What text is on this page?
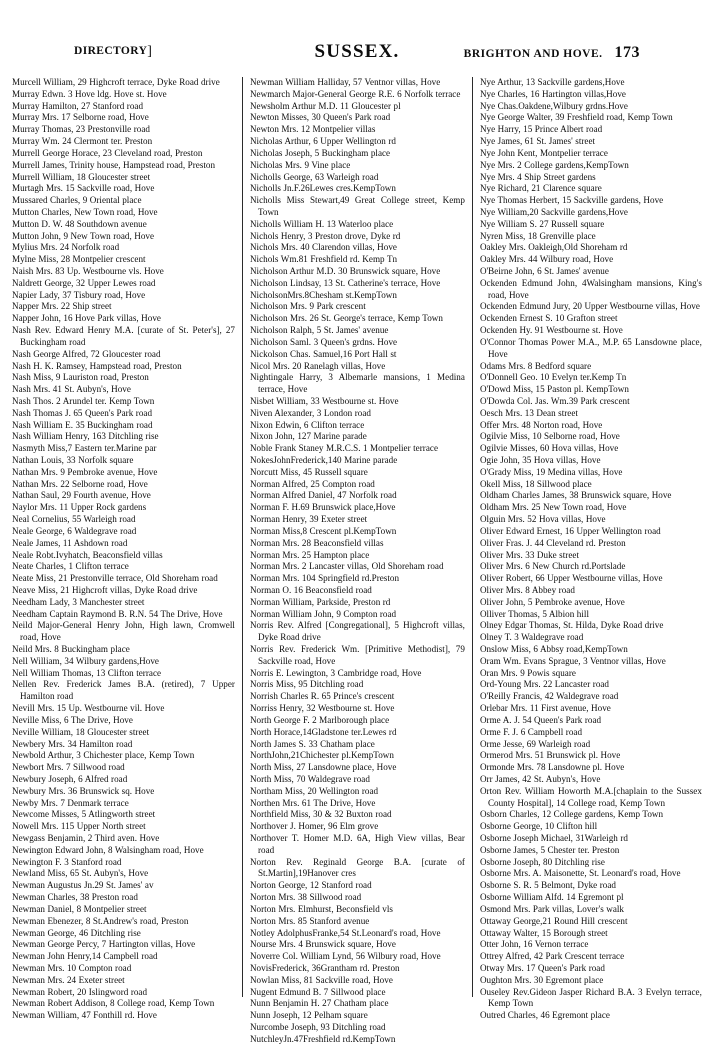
DIRECTORY]	SUSSEX.	BRIGHTON AND HOVE. 173

Murcell William, 29 Highcroft terrace, Dyke Road drive

Murray Edwn. 3 Hove ldg. Hove st. Hove

Murray Hamilton, 27 Stanford road

Murray Mrs. 17 Selborne road, Hove

Murray Thomas, 23 Prestonville road

Murray Wm. 24 Clermont ter. Preston

Murrell George Horace, 23 Cleveland road, Preston

Murrell James, Trinity house, Hampstead road, Preston

Murrell William, 18 Gloucester street

Murtagh Mrs. 15 Sackville road, Hove

Mussared Charles, 9 Oriental place

Mutton Charles, New Town road, Hove

Mutton D. W. 48 Southdown avenue

Mutton John, 9 New Town road, Hove

Mylius Mrs. 24 Norfolk road

Mylne Miss, 28 Montpelier crescent

Naish Mrs. 83 Up. Westbourne vls. Hove

Naldrett George, 32 Upper Lewes road

Napier Lady, 37 Tisbury road, Hove

Napper Mrs. 22 Ship street

Napper John, 16 Hove Park villas, Hove

Nash Rev. Edward Henry M.A. [curate of St. Peter's], 27 Buckingham road

Nash George Alfred, 72 Gloucester road

Nash H. K. Ramsey, Hampstead road, Preston

Nash Miss, 9 Lauriston road, Preston

Nash Mrs. 41 St. Aubyn's, Hove

Nash Thos. 2 Arundel ter. Kemp Town

Nash Thomas J. 65 Queen's Park road

Nash William E. 35 Buckingham road

Nash William Henry, 163 Ditchling rise

Nasmyth Miss,7 Eastern ter.Marine par

Nathan Louis, 33 Norfolk square

Nathan Mrs. 9 Pembroke avenue, Hove

Nathan Mrs. 22 Selborne road, Hove

Nathan Saul, 29 Fourth avenue, Hove

Naylor Mrs. 11 Upper Rock gardens

Neal Cornelius, 55 Warleigh road

Neale George, 6 Waldegrave road

Neale James, 11 Ashdown road

Neale Robt.Ivyhatch, Beaconsfield villas

Neate Charles, 1 Clifton terrace

Neate Miss, 21 Prestonville terrace, Old Shoreham road

Neave Miss, 21 Highcroft villas, Dyke Road drive

Needham Lady, 3 Manchester street

Needham Captain Raymond B. R.N. 54 The Drive, Hove

Neild Major-General Henry John, High lawn, Cromwell road, Hove

Neild Mrs. 8 Buckingham place

Nell William, 34 Wilbury gardens,Hove

Nell William Thomas, 13 Clifton terrace

Nellen Rev. Frederick James B.A. (retired), 7 Upper Hamilton road

Nevill Mrs. 15 Up. Westbourne vil. Hove

Neville Miss, 6 The Drive, Hove

Neville William, 18 Gloucester street

Newbery Mrs. 34 Hamilton road

Newbold Arthur, 3 Chichester place, Kemp Town

Newbort Mrs. 7 Sillwood road

Newbury Joseph, 6 Alfred road

Newbury Mrs. 36 Brunswick sq. Hove

Newby Mrs. 7 Denmark terrace

Newcome Misses, 5 Atlingworth street

Nowell Mrs. 115 Upper North street

Newgass Benjamin, 2 Third aven. Hove

Newington Edward John, 8 Walsingham road, Hove

Newington F. 3 Stanford road

Newland Miss, 65 St. Aubyn's, Hove

Newman Augustus Jn.29 St. James' av

Newman Charles, 38 Preston road

Newman Daniel, 8 Montpelier street

Newman Ebenezer, 8 St.Andrew's road, Preston

Newman George, 46 Ditchling rise

Newman George Percy, 7 Hartington villas, Hove

Newman John Henry,14 Campbell road

Newman Mrs. 10 Compton road

Newman Mrs. 24 Exeter street

Newman Robert, 20 Islingword road

Newman Robert Addison, 8 College road, Kemp Town

Newman William, 47 Fonthill rd. Hove

Newman William Halliday, 57 Ventnor villas, Hove

Newmarch Major-General George R.E. 6 Norfolk terrace

Newsholm Arthur M.D. 11 Gloucester pl

Newton Misses, 30 Queen's Park road

Newton Mrs. 12 Montpelier villas

Nicholas Arthur, 6 Upper Wellington rd

Nicholas Joseph, 5 Buckingham place

Nicholas Mrs. 9 Vine place

Nicholls George, 63 Warleigh road

Nicholls Jn.F.26Lewes cres.KempTown

Nicholls Miss Stewart,49 Great College street, Kemp Town

Nicholls William H. 13 Waterloo place

Nichols Henry, 3 Preston drove, Dyke rd

Nichols Mrs. 40 Clarendon villas, Hove

Nichols Wm.81 Freshfield rd. Kemp Tn

Nicholson Arthur M.D. 30 Brunswick square, Hove

Nicholson Lindsay, 13 St. Catherine's terrace, Hove

NicholsonMrs.8Chesham st.KempTown

Nicholson Mrs. 9 Park crescent

Nicholson Mrs. 26 St. George's terrace, Kemp Town

Nicholson Ralph, 5 St. James' avenue

Nicholson Saml. 3 Queen's grdns. Hove

Nickolson Chas. Samuel,16 Port Hall st

Nicol Mrs. 20 Ranelagh villas, Hove

Nightingale Harry, 3 Albemarle mansions, 1 Medina terrace, Hove

Nisbet William, 33 Westbourne st. Hove

Niven Alexander, 3 London road

Nixon Edwin, 6 Clifton terrace

Nixon John, 127 Marine parade

Noble Frank Staney M.R.C.S. 1 Montpelier terrace

NokesJohnFrederick,140 Marine parade

Norcutt Miss, 45 Russell square

Norman Alfred, 25 Compton road

Norman Alfred Daniel, 47 Norfolk road

Norman F. H.69 Brunswick place,Hove

Norman Henry, 39 Exeter street

Norman Miss,8 Crescent pl.KempTown

Norman Mrs. 28 Beaconsfield villas

Norman Mrs. 25 Hampton place

Norman Mrs. 2 Lancaster villas, Old Shoreham road

Norman Mrs. 104 Springfield rd.Preston

Norman O. 16 Beaconsfield road

Norman William, Parkside, Preston rd

Norman William John, 9 Compton road

Norris Rev. Alfred [Congregational], 5 Highcroft villas, Dyke Road drive

Norris Rev. Frederick Wm. [Primitive Methodist], 79 Sackville road, Hove

Norris E. Lewington, 3 Cambridge road, Hove

Norris Miss, 95 Ditchling road

Norrish Charles R. 65 Prince's crescent

Norriss Henry, 32 Westbourne st. Hove

North George F. 2 Marlborough place

North Horace,14Gladstone ter.Lewes rd

North James S. 33 Chatham place

NorthJohn,21Chichester pl.KempTown

North Miss, 27 Lansdowne place, Hove

North Miss, 70 Waldegrave road

Northam Miss, 20 Wellington road

Northen Mrs. 61 The Drive, Hove

Northfield Miss, 30 & 32 Buxton road

Northover J. Homer, 96 Elm grove

Northover T. Homer M.D. 6A, High View villas, Bear road

Norton Rev. Reginald George B.A. [curate of St.Martin],19Hanover cres

Norton George, 12 Stanford road

Norton Mrs. 38 Sillwood road

Norton Mrs. Elmhurst, Beconsfield vls

Norton Mrs. 85 Stanford avenue

Notley AdolphusFranke,54 St.Leonard's road, Hove

Nourse Mrs. 4 Brunswick square, Hove

Noverre Col. William Lynd, 56 Wilbury road, Hove

NovisFrederick, 36Grantham rd. Preston

Nowlan Miss, 81 Sackville road, Hove

Nugent Edmund B. 7 Sillwood place

Nunn Benjamin H. 27 Chatham place

Nunn Joseph, 12 Pelham square

Nurcombe Joseph, 93 Ditchling road

NutchleyJn.47Freshfield rd.KempTown

Nye Arthur, 13 Sackville gardens,Hove

Nye Charles, 16 Hartington villas,Hove

Nye Chas.Oakdene,Wilbury grdns.Hove

Nye George Walter, 39 Freshfield road, Kemp Town

Nye Harry, 15 Prince Albert road

Nye James, 61 St. James' street

Nye John Kent, Montpelier terrace

Nye Mrs. 2 College gardens,KempTown

Nye Mrs. 4 Ship Street gardens

Nye Richard, 21 Clarence square

Nye Thomas Herbert, 15 Sackville gardens, Hove

Nye William,20 Sackville gardens,Hove

Nye William S. 27 Russell square

Nyren Miss, 18 Grenville place

Oakley Mrs. Oakleigh,Old Shoreham rd

Oakley Mrs. 44 Wilbury road, Hove

O'Beirne John, 6 St. James' avenue

Ockenden Edmund John, 4Walsingham mansions, King's road, Hove

Ockenden Edmund Jury, 20 Upper Westbourne villas, Hove

Ockenden Ernest S. 10 Grafton street

Ockenden Hy. 91 Westbourne st. Hove

O'Connor Thomas Power M.A., M.P. 65 Lansdowne place, Hove

Odams Mrs. 8 Bedford square

O'Donnell Geo. 10 Evelyn ter.Kemp Tn

O'Dowd Miss, 15 Paston pl. KempTown

O'Dowda Col. Jas. Wm.39 Park crescent

Oesch Mrs. 13 Dean street

Offer Mrs. 48 Norton road, Hove

Ogilvie Miss, 10 Selborne road, Hove

Ogilvie Misses, 60 Hova villas, Hove

Ogie John, 35 Hova villas, Hove

O'Grady Miss, 19 Medina villas, Hove

Okell Miss, 18 Sillwood place

Oldham Charles James, 38 Brunswick square, Hove

Oldham Mrs. 25 New Town road, Hove

Olguin Mrs. 52 Hova villas, Hove

Oliver Edward Ernest, 16 Upper Wellington road

Oliver Fras. J. 44 Cleveland rd. Preston

Oliver Mrs. 33 Duke street

Oliver Mrs. 6 New Church rd.Portslade

Oliver Robert, 66 Upper Westbourne villas, Hove

Oliver Mrs. 8 Abbey road

Oliver John, 5 Pembroke avenue, Hove

Olliver Thomas, 5 Albion hill

Olney Edgar Thomas, St. Hilda, Dyke Road drive

Olney T. 3 Waldegrave road

Onslow Miss, 6 Abbsy road,KempTown

Oram Wm. Evans Sprague, 3 Ventnor villas, Hove

Oran Mrs. 9 Powis square

Ord-Young Mrs. 22 Lancaster road

O'Reilly Francis, 42 Waldegrave road

Orlebar Mrs. 11 First avenue, Hove

Orme A. J. 54 Queen's Park road

Orme F. J. 6 Campbell road

Orme Jesse, 69 Warleigh road

Ormerod Mrs. 51 Brunswick pl. Hove

Ormonde Mrs. 78 Lansdowne pl. Hove

Orr James, 42 St. Aubyn's, Hove

Orton Rev. William Howorth M.A.[chaplain to the Sussex County Hospital], 14 College road, Kemp Town

Osborn Charles, 12 College gardens, Kemp Town

Osborne George, 10 Clifton hill

Osborne Joseph Michael, 31Warleigh rd

Osborne James, 5 Chester ter. Preston

Osborne Joseph, 80 Ditchling rise

Osborne Mrs. A. Maisonette, St. Leonard's road, Hove

Osborne S. R. 5 Belmont, Dyke road

Osborne William Alfd. 14 Egremont pl

Osmond Mrs. Park villas, Lover's walk

Ottaway George,21 Round Hill crescent

Ottaway Walter, 15 Borough street

Otter John, 16 Vernon terrace

Ottrey Alfred, 42 Park Crescent terrace

Otway Mrs. 17 Queen's Park road

Oughton Mrs. 30 Egremont place

Ouseley Rev.Gideon Jasper Richard B.A. 3 Evelyn terrace, Kemp Town

Outred Charles, 46 Egremont place
